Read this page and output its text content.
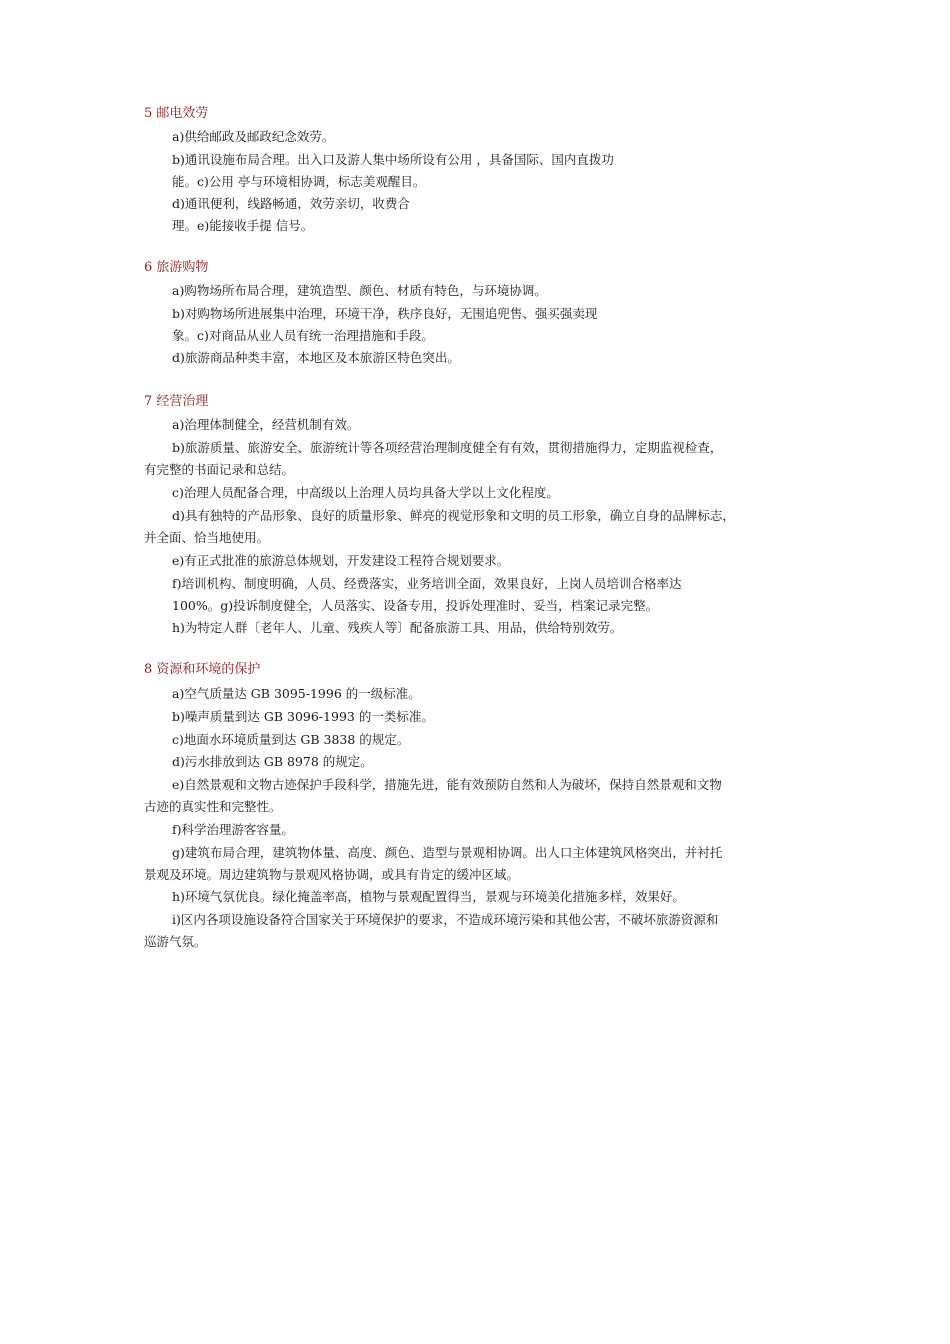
5 邮电效劳
a)供给邮政及邮政纪念效劳。
b)通讯设施布局合理。出入口及游人集中场所设有公用 ，具备国际、国内直拨功
能。c)公用 亭与环境相协调，标志美观醒目。
d)通讯便利，线路畅通，效劳亲切，收费合
理。e)能接收手提 信号。
6 旅游购物
a)购物场所布局合理，建筑造型、颜色、材质有特色，与环境协调。
b)对购物场所进展集中治理，环境干净，秩序良好，无围追兜售、强买强卖现
象。c)对商品从业人员有统一治理措施和手段。
d)旅游商品种类丰富，本地区及本旅游区特色突出。
7 经营治理
a)治理体制健全，经营机制有效。
b)旅游质量、旅游安全、旅游统计等各项经营治理制度健全有有效，贯彻措施得力，定期监视检查，
有完整的书面记录和总结。
c)治理人员配备合理，中高级以上治理人员均具备大学以上文化程度。
d)具有独特的产品形象、良好的质量形象、鲜亮的视觉形象和文明的员工形象，确立自身的品牌标志，
并全面、恰当地使用。
e)有正式批准的旅游总体规划，开发建设工程符合规划要求。
f)培训机构、制度明确，人员、经费落实，业务培训全面，效果良好，上岗人员培训合格率达
100%。g)投诉制度健全，人员落实、设备专用，投诉处理准时、妥当，档案记录完整。
h)为特定人群〔老年人、儿童、残疾人等〕配备旅游工具、用品，供给特别效劳。
8 资源和环境的保护
a)空气质量达 GB 3095-1996 的一级标准。
b)噪声质量到达 GB 3096-1993 的一类标准。
c)地面水环境质量到达 GB 3838 的规定。
d)污水排放到达 GB 8978 的规定。
e)自然景观和文物古迹保护手段科学，措施先进，能有效预防自然和人为破坏，保持自然景观和文物
古迹的真实性和完整性。
f)科学治理游客容量。
g)建筑布局合理，建筑物体量、高度、颜色、造型与景观相协调。出人口主体建筑风格突出，并衬托
景观及环境。周边建筑物与景观风格协调，或具有肯定的缓冲区域。
h)环境气氛优良。绿化掩盖率高，植物与景观配置得当，景观与环境美化措施多样，效果好。
i)区内各项设施设备符合国家关于环境保护的要求，不造成环境污染和其他公害，不破坏旅游资源和
巡游气氛。
